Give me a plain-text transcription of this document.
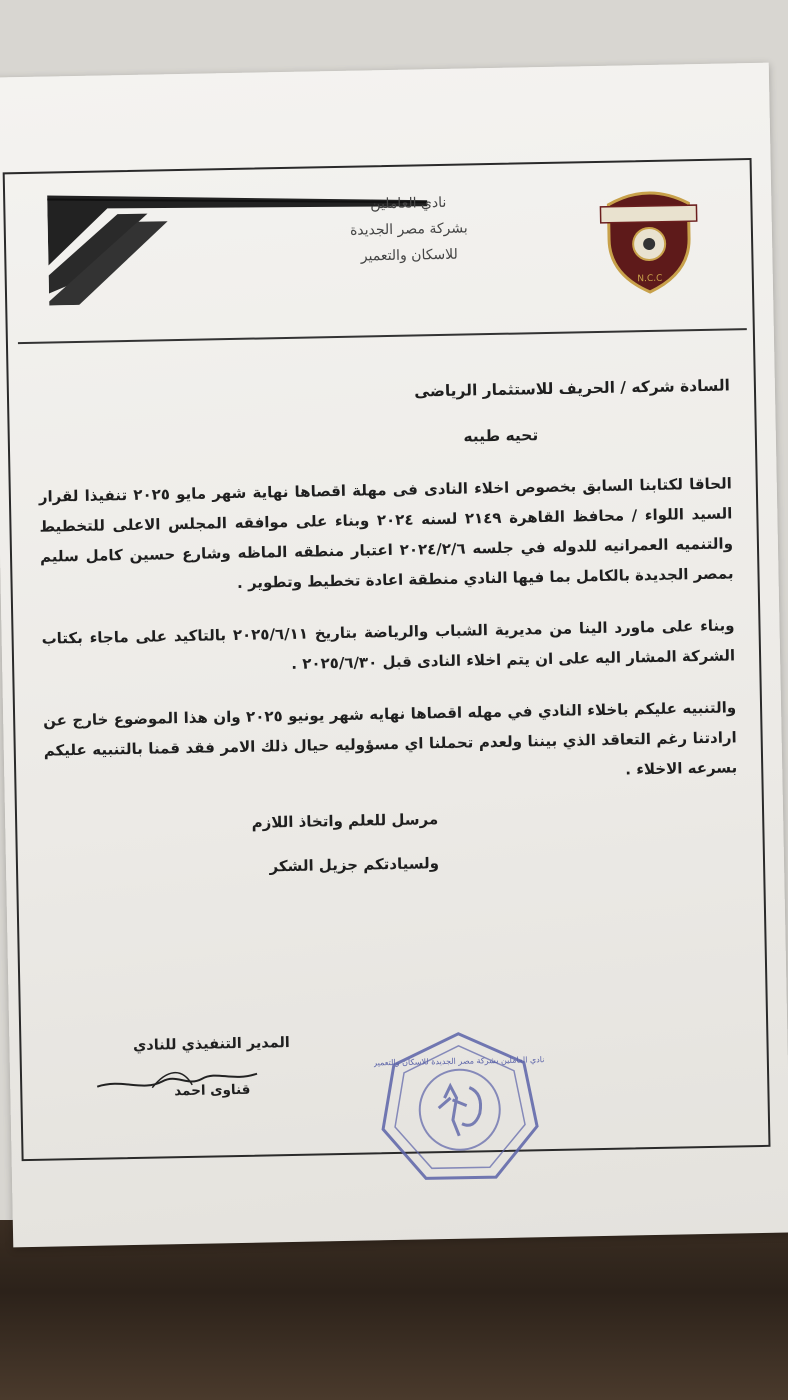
نادي العاملين
بشركة مصر الجديدة
للاسكان والتعمير
N.C.C
السادة شركه / الحريف للاستثمار الرياضى
تحيه طيبه
الحاقا لكتابنا السابق بخصوص اخلاء النادى فى مهلة اقصاها نهاية شهر مايو ٢٠٢٥ تنفيذا لقرار السيد اللواء / محافظ القاهرة ٢١٤٩ لسنه ٢٠٢٤ وبناء على موافقه المجلس الاعلى للتخطيط والتنميه العمرانيه للدوله في جلسه ٢٠٢٤/٢/٦ اعتبار منطقه الماظه وشارع حسين كامل سليم بمصر الجديدة بالكامل بما فيها النادي منطقة اعادة تخطيط وتطوير .
وبناء على ماورد الينا من مديرية الشباب والرياضة بتاريخ ٢٠٢٥/٦/١١ بالتاكيد على ماجاء بكتاب الشركة المشار اليه على ان يتم اخلاء النادى قبل ٢٠٢٥/٦/٣٠ .
والتنبيه عليكم باخلاء النادي في مهله اقصاها نهايه شهر يونيو ٢٠٢٥ وان هذا الموضوع خارج عن ارادتنا رغم التعاقد الذي بيننا ولعدم تحملنا اي مسؤوليه حيال ذلك الامر فقد قمنا بالتنبيه عليكم بسرعه الاخلاء .
مرسل للعلم واتخاذ اللازم
ولسيادتكم جزيل الشكر
المدير التنفيذي للنادي
قناوى احمد
نادي العاملين بشركة مصر الجديدة للاسكان والتعمير
